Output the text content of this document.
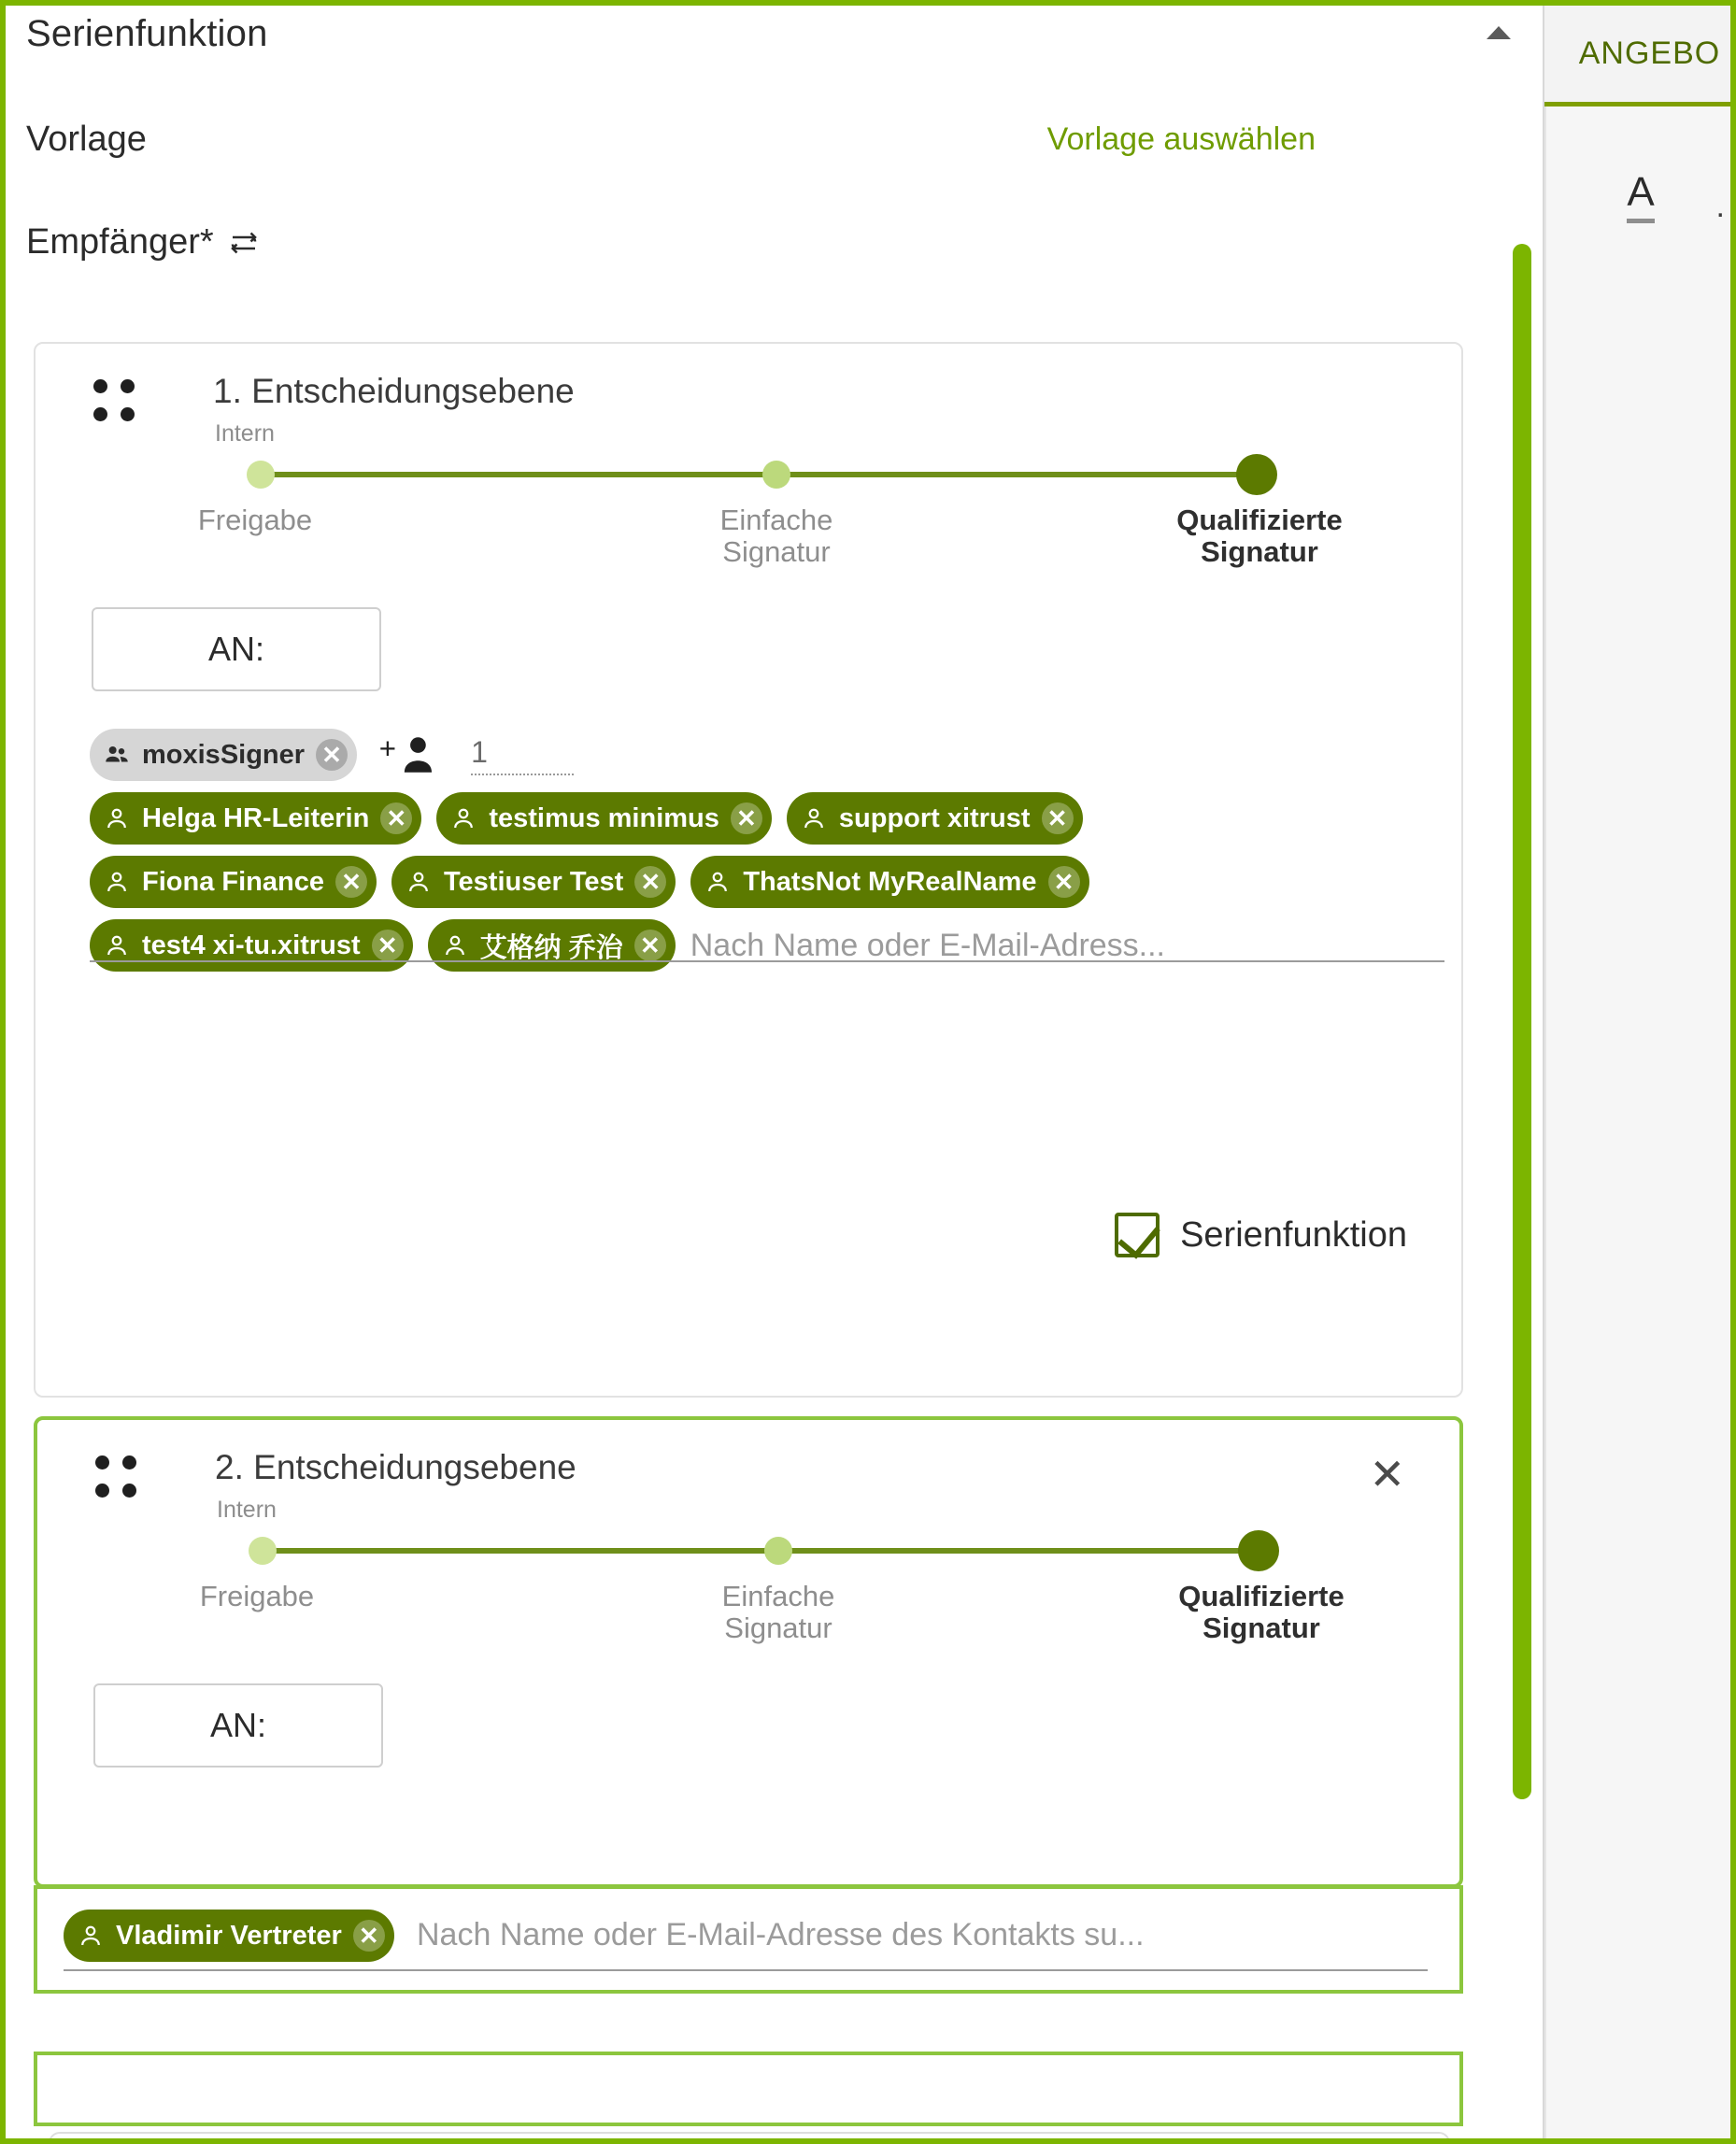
Serienfunktion
Vorlage	Vorlage auswählen
Empfänger*
1. Entscheidungsebene
Intern
Freigabe	Einfache Signatur
Qualifizierte Signatur
AN:
moxisSigner ✕	+	1
Helga HR-Leiterin ✕	testimus minimus ✕	support xitrust ✕
Fiona Finance ✕	Testiuser Test ✕	ThatsNot MyRealName ✕
test4 xi-tu.xitrust ✕	艾格纳 乔治 ✕ Nach Name oder E-Mail-Adress...
Serienfunktion
2. Entscheidungsebene
Intern
✕
Freigabe	Einfache Signatur
Qualifizierte Signatur
AN:
Vladimir Vertreter ✕ Nach Name oder E-Mail-Adresse des Kontakts su...
ANGEBO
A .
